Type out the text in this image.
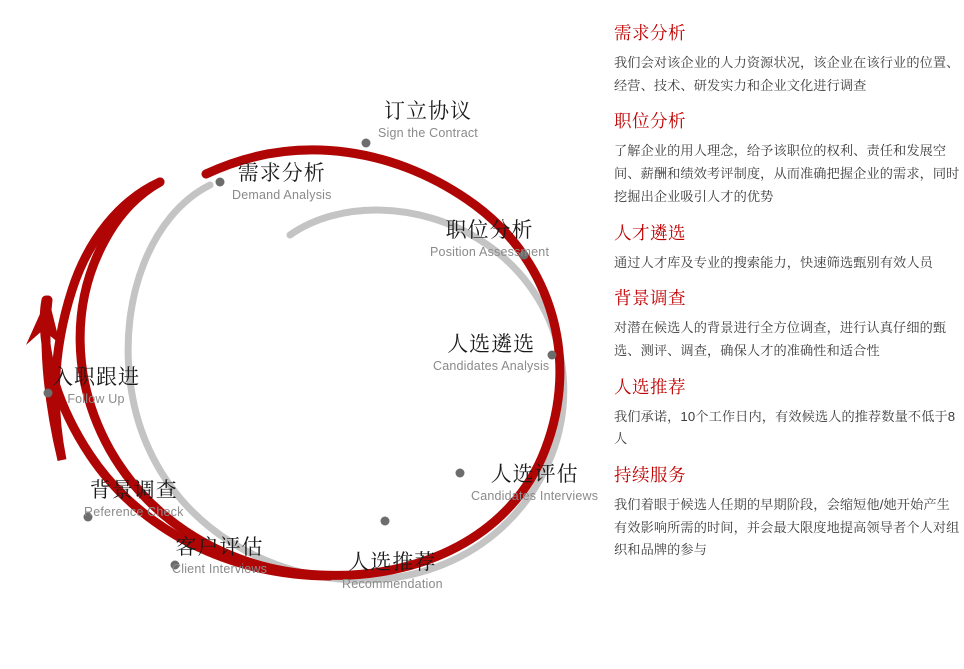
订立协议
Sign the Contract
需求分析
Demand Analysis
职位分析
Position Assessment
人选遴选
Candidates Analysis
人选评估
Candidates Interviews
人选推荐
Recommendation
客户评估
Client Interviews
背景调查
Reference Check
入职跟进
Follow Up
需求分析

我们会对该企业的人力资源状况，该企业在该行业的位置、经营、技术、研发实力和企业文化进行调查

职位分析

了解企业的用人理念，给予该职位的权利、责任和发展空间、薪酬和绩效考评制度，从而准确把握企业的需求，同时挖掘出企业吸引人才的优势

人才遴选

通过人才库及专业的搜索能力，快速筛选甄别有效人员

背景调查

对潜在候选人的背景进行全方位调查，进行认真仔细的甄选、测评、调查，确保人才的准确性和适合性

人选推荐

我们承诺，10个工作日内，有效候选人的推荐数量不低于8人

持续服务

我们着眼于候选人任期的早期阶段，会缩短他/她开始产生有效影响所需的时间，并会最大限度地提高领导者个人对组织和品牌的参与
